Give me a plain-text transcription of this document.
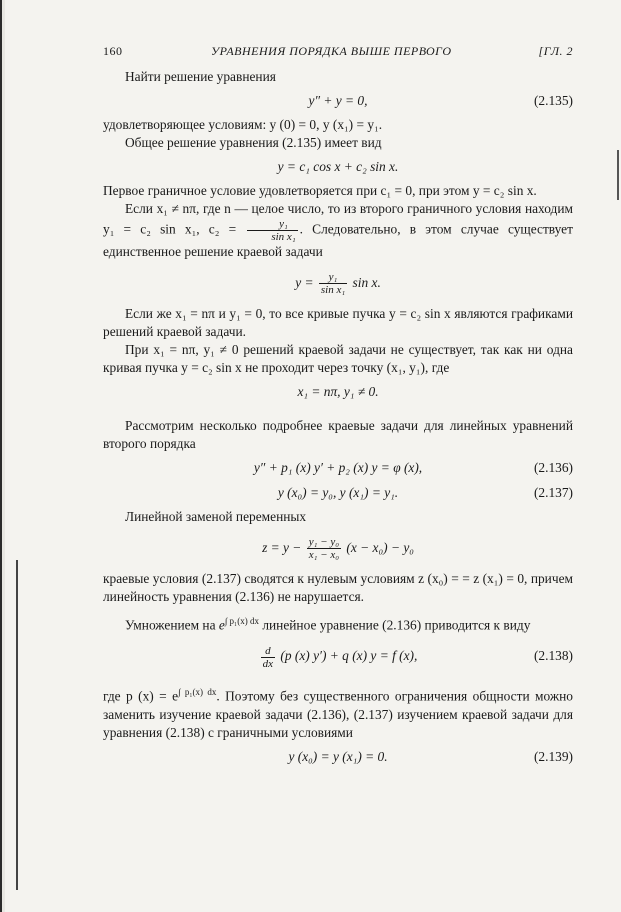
160	УРАВНЕНИЯ ПОРЯДКА ВЫШЕ ПЕРВОГО	[ГЛ. 2

Найти решение уравнения

y″ + y = 0,	(2.135)

удовлетворяющее условиям: y (0) = 0, y (x₁) = y₁.

Общее решение уравнения (2.135) имеет вид

y = c₁ cos x + c₂ sin x.

Первое граничное условие удовлетворяется при c₁ = 0, при этом y = c₂ sin x.

Если x₁ ≠ nπ, где n — целое число, то из второго граничного условия находим y₁ = c₂ sin x₁, $c_2 = \frac{\text{y₁}}{\text{sin x₁}}$ . Следовательно, в этом случае существует единственное решение краевой задачи

$y = \frac{\text{y₁}}{\text{sin x₁}}$ sin x.

Если же x₁ = nπ и y₁ = 0, то все кривые пучка y = c₂ sin x являются графиками решений краевой задачи.

При x₁ = nπ, y₁ ≠ 0 решений краевой задачи не существует, так как ни одна кривая пучка y = c₂ sin x не проходит через точку (x₁, y₁), где

x₁ = nπ, y₁ ≠ 0.

Рассмотрим несколько подробнее краевые задачи для линейных уравнений второго порядка

y″ + p₁ (x) y′ + p₂ (x) y = φ (x),	(2.136)
y (x₀) = y₀, y (x₁) = y₁.	(2.137)

Линейной заменой переменных

$z = y - \frac{\text{y₁ − y₀}}{\text{x₁ − x₀}} (x - x_0) - y_0$

краевые условия (2.137) сводятся к нулевым условиям z (x₀) = = z (x₁) = 0, причем линейность уравнения (2.136) не нарушается.

Умножением на $e^{\int p_1(x) dx}$ линейное уравнение (2.136) приводится к виду

$\frac{d}{dx} (p$ (x) y′) + q (x) y = f (x),	(2.138)

где p $(x) = e^{\int p_1(x) dx}$. Поэтому без существенного ограничения общности можно заменить изучение краевой задачи (2.136), (2.137) изучением краевой задачи для уравнения (2.138) с граничными условиями

y (x₀) = y (x₁) = 0.	(2.139)
